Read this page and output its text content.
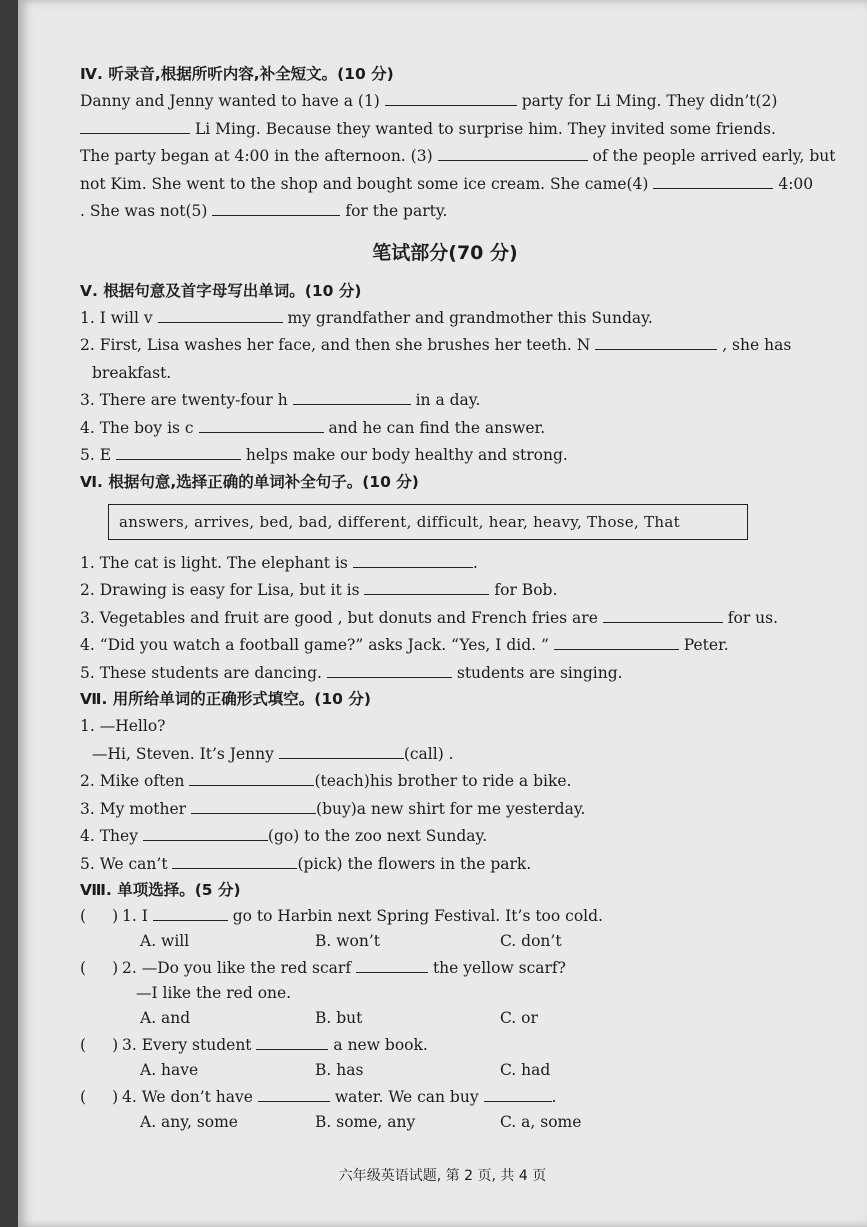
Ⅳ. 听录音,根据所听内容,补全短文。(10 分)

Danny and Jenny wanted to have a (1)	party for Li Ming. They didn’t(2)

Li Ming. Because they wanted to surprise him. They invited some friends.

The party began at 4:00 in the afternoon. (3)	of the people arrived early, but

not Kim. She went to the shop and bought some ice cream. She came(4)	4:00

. She was not(5)	for the party.

笔试部分(70 分)

Ⅴ. 根据句意及首字母写出单词。(10 分)

1. I will v	my grandfather and grandmother this Sunday.

2. First, Lisa washes her face, and then she brushes her teeth. N	, she has

breakfast.

3. There are twenty-four h	in a day.

4. The boy is c	and he can find the answer.

5. E	helps make our body healthy and strong.

Ⅵ. 根据句意,选择正确的单词补全句子。(10 分)

answers, arrives, bed, bad, different, difficult, hear, heavy, Those, That

1. The cat is light. The elephant is	.

2. Drawing is easy for Lisa, but it is	for Bob.

3. Vegetables and fruit are good , but donuts and French fries are	for us.

4. “Did you watch a football game?” asks Jack. “Yes, I did. ”	Peter.

5. These students are dancing.	students are singing.

Ⅶ. 用所给单词的正确形式填空。(10 分)

1. —Hello?

—Hi, Steven. It’s Jenny	(call) .

2. Mike often	(teach)his brother to ride a bike.

3. My mother	(buy)a new shirt for me yesterday.

4. They	(go) to the zoo next Sunday.

5. We can’t	(pick) the flowers in the park.

Ⅷ. 单项选择。(5 分)

( ) 1. I	go to Harbin next Spring Festival. It’s too cold.

A. will	B. won’t	C. don’t

( ) 2. —Do you like the red scarf	the yellow scarf?

—I like the red one.

A. and	B. but	C. or

( ) 3. Every student	a new book.

A. have	B. has	C. had

( ) 4. We don’t have	water. We can buy	.

A. any, some	B. some, any	C. a, some
六年级英语试题, 第 2 页, 共 4 页
